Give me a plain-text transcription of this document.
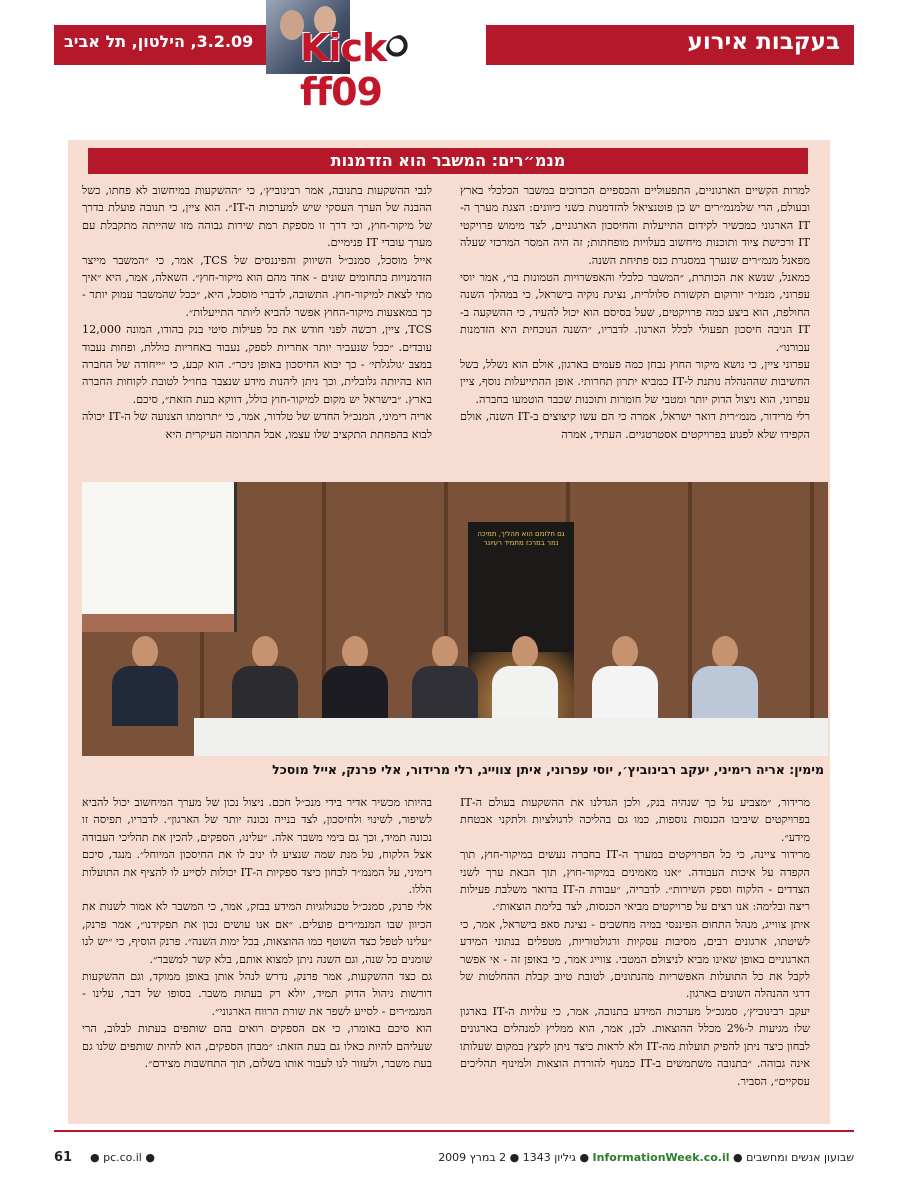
3.2.09, הילטון, תל אביב	בעקבות אירוע
Kickff09
מנמ״רים: המשבר הוא הזדמנות

למרות הקשיים הארגוניים, התפעוליים והכספיים הכרוכים במשבר הכלכלי בארץ ובעולם, הרי שלמנמ״רים יש כן פוטנציאל להזדמנות כשני כיוונים: הצגת מערך ה-IT הארגוני כמכשיר לקידום התייעלות והחיסכון הארגוניים, לצד מימוש פרויקטי IT ורכישת ציוד ותוכנות מיחשוב בעלויות מופחתות; זה היה המסר המרכזי שעלה מפאנל מנמ״רים שנערך במסגרת כנס פתיחת השנה.

כמאנל, שנשא את הכותרת, ״המשבר כלכלי והאפשרויות הטמונות בו״, אמר יוסי עפרוני, מנמ״ר יורוקום תקשורת סלולרית, נציגת נוקיה בישראל, כי במהלך השנה החולפת, הוא ביצע כמה פרויקטים, שעל בסיסם הוא יכול להעיד, כי ההשקעה ב-IT הניבה חיסכון תפעולי לכלל הארגון. לדבריו, ״השנה הנוכחית היא הזדמנות עבורנו״.

עפרוני ציין, כי נושא מיקור החוץ נבחן כמה פעמים בארגון, אולם הוא נשלל, בשל החשיבות שההנהלה נותנת ל-IT כמביא יתרון תחרותי. אופן ההתייעלות נוסף, ציין עפרוני, הוא ניצול הדוק יותר ומטבי של חומרות ותוכנות שכבר הוטמעו בחברה.

רלי מרידור, מנמ״רית דואר ישראל, אמרה כי הם עשו קיצוצים ב-IT השנה, אולם הקפידו שלא לפגוע בפרויקטים אסטרטגיים. העתיד, אמרה

לנבי ההשקעות בתנובה, אמר רבינוביץ׳, כי ״ההשקעות במיחשוב לא פחתו, כשל ההבנה של הערך העסקי שיש למערכות ה-IT״. הוא ציין, כי תנובה פועלת בדרך של מיקור-חוץ, וכי דרך זו מספקת רמת שירות גבוהה מזו שהייתה מתקבלת עם מערך עובדי IT פנימיים.

אייל מוסכל, סמנכ״ל השיווק והפיננסים של TCS, אמר, כי ״המשבר מייצר הזדמנויות בתחומים שונים - אחד מהם הוא מיקור-חוץ״. השאלה, אמר, היא ״איך מתי לצאת למיקור-חוץ. התשובה, לדברי מוסכל, היא, ״ככל שהמשבר עמוק יותר - כך במאצעות מיקור-החוץ אפשר להביא ליותר התייעלות״.

TCS, ציין, רכשה לפני חודש את כל פעילות סיטי בנק בהודו, המונה 12,000 עובדים. ״ככל שנעביר יותר אחריות לספק, נעבוד באחריות כוללת, ופחות נעבוד במצב ׳גולגלתי׳ - כך יבוא החיסכון באופן ניכר״. הוא קבע, כי ״ייחודה של החברה הוא בהיותה גלובלית, וכך ניתן ליהנות מידע שנצבר בחו״ל לטובת לקוחות החברה בארץ. ״בישראל יש מקום למיקור-חוץ כולל, דווקא בעת הזאת״, סיכם.

אריה רימיני, המנכ״ל החדש של טלדור, אמר, כי ״תרומתו הצנועה של ה-IT יכולה לבוא בהפחתת התקציב שלו עצמו, אבל התרומה העיקרית היא

מרידור, ״מצביע על כך שנהיה בנק, ולכן הגדלנו את ההשקעות בעולם ה-IT בפרויקטים שיביבו הכנסות נוספות, כמו גם בהליכה לרגולציות ולתקני אבטחת מידע״.

מרידור ציינה, כי כל הפרויקטים במערך ה-IT בחברה נעשים במיקור-חוץ, תוך הקפדה על איכות העבודה. ״אנו מאמינים במיקור-חוץ, תוך הבאת ערך לשני הצדדים - הלקוח וספק השירות״. לדבריה, ״עבודת ה-IT בדואר משלבת פעילות ריצה ובלימה: אנו רצים על פרויקטים מביאי הכנסות, לצד בלימת הוצאות״.

איתן צווייג, מנהל התחום הפיננסי במיה מחשבים - נציגת סאפ בישראל, אמר, כי לשיטתו, ארגונים רבים, מסיבות עסקיות ורגולטוריות, מטפלים בנתוני המידע הארגוניים באופן שאינו מביא לניצולם המטבי. צווייג אמר, כי באופן זה - אי אפשר לקבל את כל התועלות האפשריות מהנתונים, לטובת טיוב קבלת ההחלטות של דרגי ההנהלה השונים בארגון.

יעקב רבינוביץ׳, סמנכ״ל מערכות המידע בתנובה, אמר, כי עלויות ה-IT בארגון שלו מגיעות ל-2% מכלל ההוצאות. לכן, אמר, הוא ממליץ למנהלים בארגונים לבחון כיצד ניתן להפיק תועלות מה-IT ולא לראות כיצד ניתן לקצץ במקום שעלותו אינה גבוהה. ״בתנובה משתמשים ב-IT כמנוף להורדת הוצאות ולמינוף תהליכים עסקיים״, הסביר.

בהיותו מכשיר אדיר בידי מנכ״ל חכם. ניצול נכון של מערך המיחשוב יכול להביא לשיפור, לשינוי ולחיסכון, לצד בנייה נכונה יותר של הארגון״. לדבריו, תפיסה זו נכונה תמיד, וכך גם בימי משבר אלה. ״עלינו, הספקים, להכין את תהליכי העבודה אצל הלקוח, על מנת שמה שנציע לו יניב לו את החיסכון המיוחל״. מנגד, סיכם רימיני, על המנמ״ר לבחון כיצד ספקיות ה-IT יכולות לסייע לו להציף את התועלות הללו.

אלי פרנק, סמנכ״ל טכנולוגיות המידע בבזק, אמר, כי המשבר לא אמור לשנות את הכיוון שבו המנמ״רים פועלים. ״אם אנו עושים נכון את תפקידנו״, אמר פרנק, ״עלינו לטפל כצד השוטף כמו ההוצאות, בכל ימות השנה״. פרנק הוסיף, כי ״יש לנו שומנים כל שנה, וגם השנה ניתן למצוא אותם, בלא קשר למשבר״.

גם כצד ההשקעות, אמר פרנק, נדרש לנהל אותן באופן ממוקד, וגם ההשקעות דורשות ניהול הדוק תמיד, יולא רק בעתות משבר. בסופו של דבר, עלינו - המנמ״רים - לסייע לשפר את שורת הרווח הארגוני״.

הוא סיכם באומרו, כי אם הספקים רואים בהם שותפים בעתות לבלוב, הרי שעליהם להיות כאלו גם בעת הזאת: ״מבחן הספקים, הוא להיות שותפים שלנו גם בעת משבר, ולעזור לנו לעבור אותו בשלום, תוך התחשבות מצידם״.

גם חלומם הוא תהליך, תמיכה נמר במרכז מתמיד רעיונר
מימין: אריה רימיני, יעקב רבינוביץ׳, יוסי עפרוני, איתן צווייג, רלי מרידור, אלי פרנק, אייל מוסכל
61 ● pc.co.il ●	שבועון אנשים ומחשבים ● InformationWeek.co.il ● גיליון 1343 ● 2 במרץ 2009
